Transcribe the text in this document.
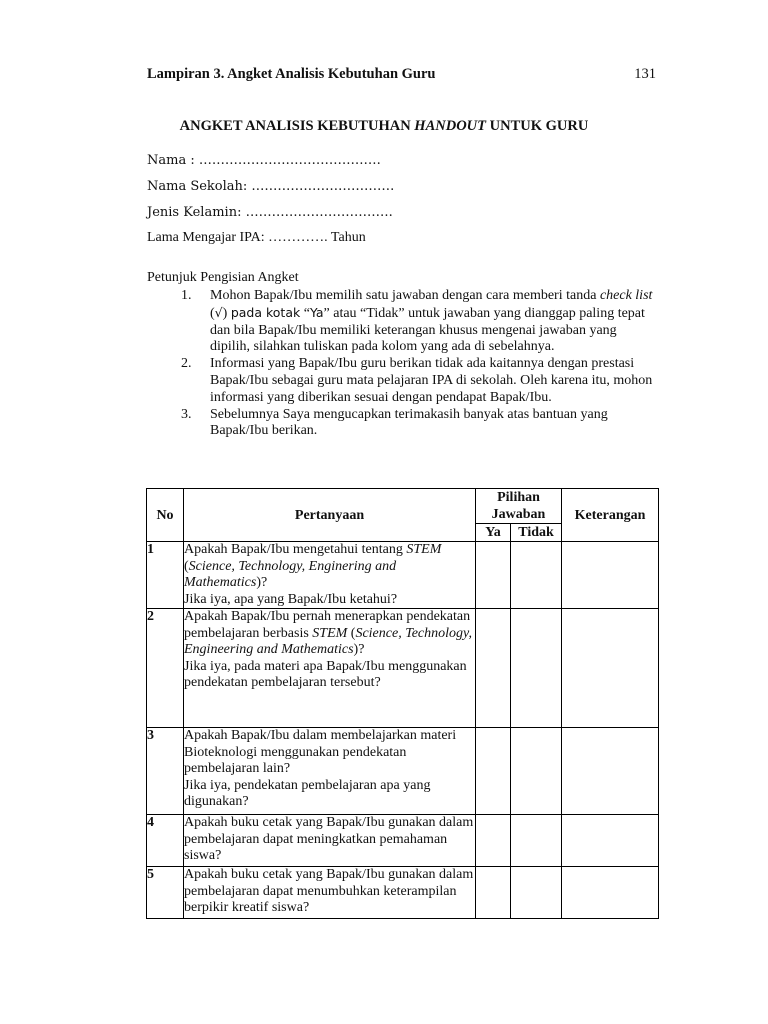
Lampiran 3. Angket Analisis Kebutuhan Guru	131
ANGKET ANALISIS KEBUTUHAN HANDOUT UNTUK GURU
Nama : ……………………………………
Nama Sekolah: ……………………………
Jenis Kelamin: …………………………….
Lama Mengajar IPA: …………. Tahun
Petunjuk Pengisian Angket
1. Mohon Bapak/Ibu memilih satu jawaban dengan cara memberi tanda check list (√) pada kotak “Ya” atau “Tidak” untuk jawaban yang dianggap paling tepat dan bila Bapak/Ibu memiliki keterangan khusus mengenai jawaban yang dipilih, silahkan tuliskan pada kolom yang ada di sebelahnya.
2. Informasi yang Bapak/Ibu guru berikan tidak ada kaitannya dengan prestasi Bapak/Ibu sebagai guru mata pelajaran IPA di sekolah. Oleh karena itu, mohon informasi yang diberikan sesuai dengan pendapat Bapak/Ibu.
3. Sebelumnya Saya mengucapkan terimakasih banyak atas bantuan yang Bapak/Ibu berikan.
No	Pertanyaan	Pilihan Jawaban		Keterangan
		Ya	Tidak	
1	Apakah Bapak/Ibu mengetahui tentang STEM (Science, Technology, Enginering and Mathematics)?
Jika iya, apa yang Bapak/Ibu ketahui?			
2	Apakah Bapak/Ibu pernah menerapkan pendekatan pembelajaran berbasis STEM (Science, Technology, Engineering and Mathematics)?
Jika iya, pada materi apa Bapak/Ibu menggunakan pendekatan pembelajaran tersebut?			
3	Apakah Bapak/Ibu dalam membelajarkan materi Bioteknologi menggunakan pendekatan pembelajaran lain?
Jika iya, pendekatan pembelajaran apa yang digunakan?			
4	Apakah buku cetak yang Bapak/Ibu gunakan dalam pembelajaran dapat meningkatkan pemahaman siswa?			
5	Apakah buku cetak yang Bapak/Ibu gunakan dalam pembelajaran dapat menumbuhkan keterampilan berpikir kreatif siswa?			
